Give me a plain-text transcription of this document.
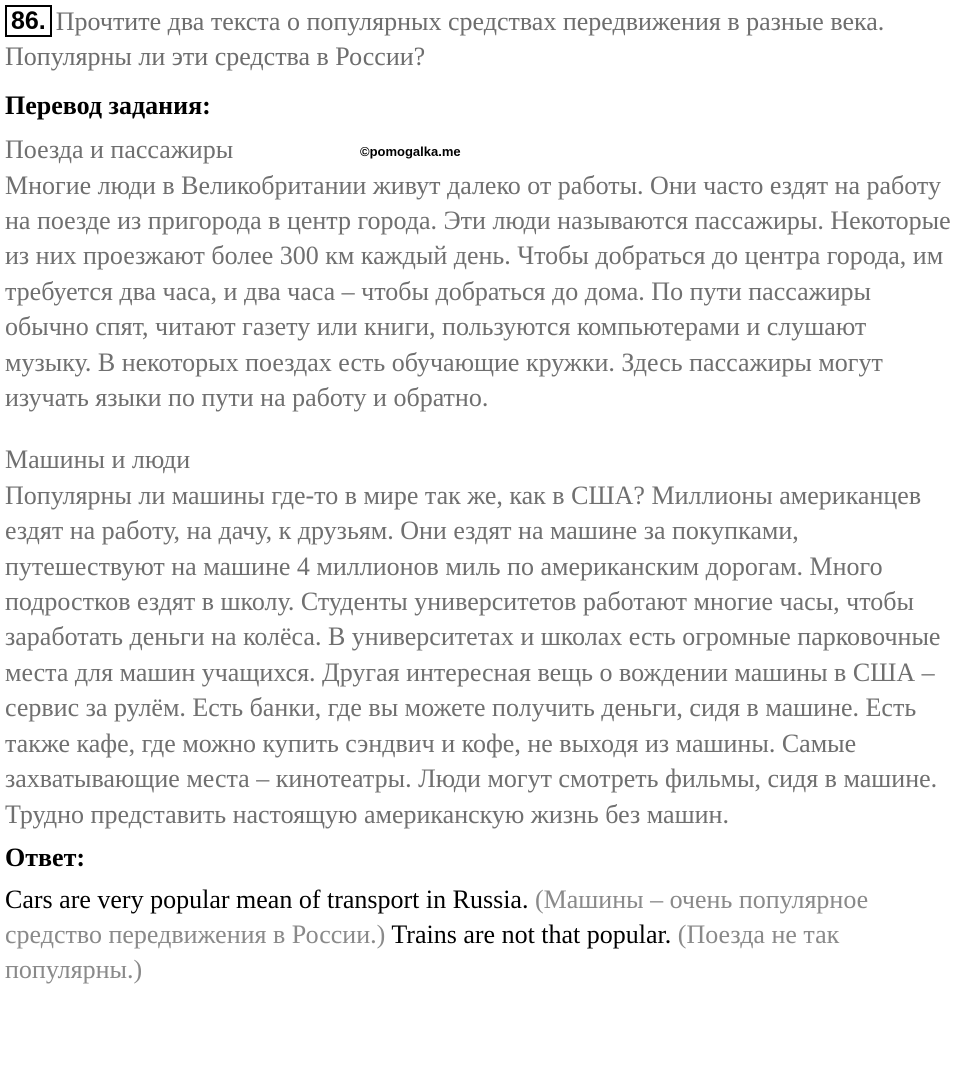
86. Прочтите два текста о популярных средствах передвижения в разные века. Популярны ли эти средства в России?
Перевод задания:
Поезда и пассажиры	©pomogalka.me

Многие люди в Великобритании живут далеко от работы. Они часто ездят на работу на поезде из пригорода в центр города. Эти люди называются пассажиры. Некоторые из них проезжают более 300 км каждый день. Чтобы добраться до центра города, им требуется два часа, и два часа – чтобы добраться до дома. По пути пассажиры обычно спят, читают газету или книги, пользуются компьютерами и слушают музыку. В некоторых поездах есть обучающие кружки. Здесь пассажиры могут изучать языки по пути на работу и обратно.

Машины и люди

Популярны ли машины где-то в мире так же, как в США? Миллионы американцев ездят на работу, на дачу, к друзьям. Они ездят на машине за покупками, путешествуют на машине 4 миллионов миль по американским дорогам. Много подростков ездят в школу. Студенты университетов работают многие часы, чтобы заработать деньги на колёса. В университетах и школах есть огромные парковочные места для машин учащихся. Другая интересная вещь о вождении машины в США – сервис за рулём. Есть банки, где вы можете получить деньги, сидя в машине. Есть также кафе, где можно купить сэндвич и кофе, не выходя из машины. Самые захватывающие места – кинотеатры. Люди могут смотреть фильмы, сидя в машине. Трудно представить настоящую американскую жизнь без машин.

Ответ:
Cars are very popular mean of transport in Russia. (Машины – очень популярное средство передвижения в России.) Trains are not that popular. (Поезда не так популярны.)
